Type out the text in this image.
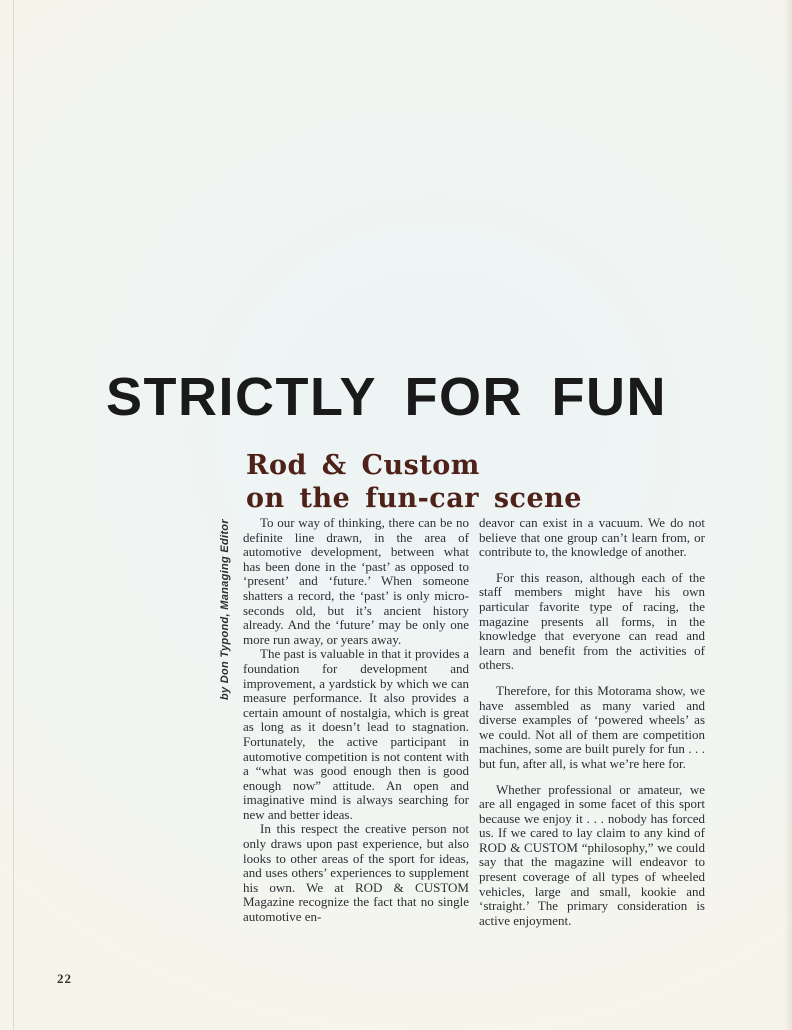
STRICTLY FOR FUN
Rod & Custom
on the fun-car scene
by Don Typond, Managing Editor	To our way of thinking, there can be no definite line drawn, in the area of automotive development, between what has been done in the ‘past’ as opposed to ‘present’ and ‘future.’ When someone shatters a record, the ‘past’ is only micro-seconds old, but it’s ancient history already. And the ‘future’ may be only one more run away, or years away.

The past is valuable in that it provides a foundation for development and improvement, a yardstick by which we can measure performance. It also provides a certain amount of nostalgia, which is great as long as it doesn’t lead to stagnation. Fortunately, the active participant in automotive competition is not content with a “what was good enough then is good enough now” attitude. An open and imaginative mind is always searching for new and better ideas.

In this respect the creative person not only draws upon past experience, but also looks to other areas of the sport for ideas, and uses others’ experiences to supplement his own. We at ROD & CUSTOM Magazine recognize the fact that no single automotive en-

deavor can exist in a vacuum. We do not believe that one group can’t learn from, or contribute to, the knowledge of another.

For this reason, although each of the staff members might have his own particular favorite type of racing, the magazine presents all forms, in the knowledge that everyone can read and learn and benefit from the activities of others.

Therefore, for this Motorama show, we have assembled as many varied and diverse examples of ‘powered wheels’ as we could. Not all of them are competition machines, some are built purely for fun . . . but fun, after all, is what we’re here for.

Whether professional or amateur, we are all engaged in some facet of this sport because we enjoy it . . . nobody has forced us. If we cared to lay claim to any kind of ROD & CUSTOM “philosophy,” we could say that the magazine will endeavor to present coverage of all types of wheeled vehicles, large and small, kookie and ‘straight.’ The primary consideration is active enjoyment.

22
